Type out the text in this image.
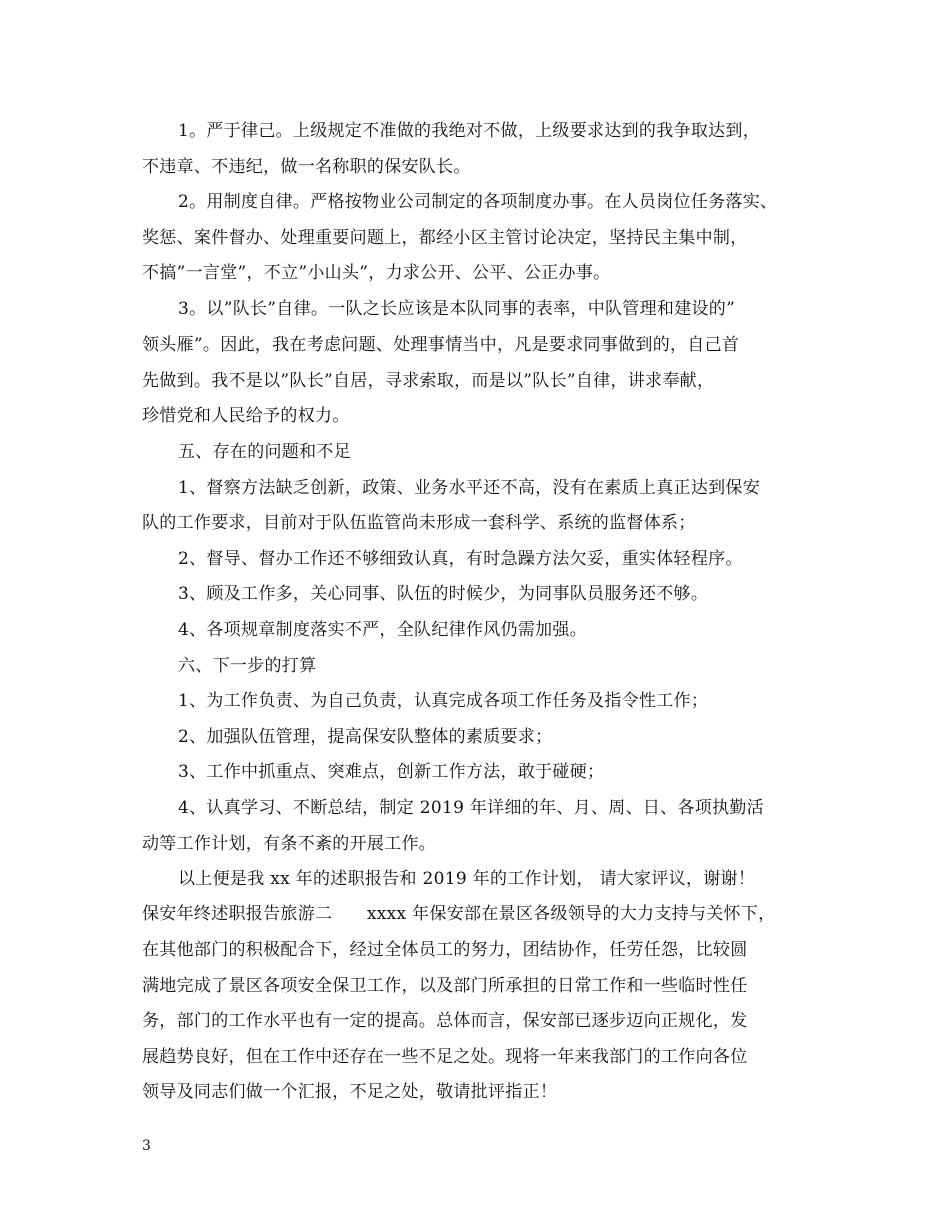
1。严于律己。上级规定不准做的我绝对不做，上级要求达到的我争取达到，
不违章、不违纪，做一名称职的保安队长。
2。用制度自律。严格按物业公司制定的各项制度办事。在人员岗位任务落实、
奖惩、案件督办、处理重要问题上，都经小区主管讨论决定，坚持民主集中制，
不搞”一言堂”，不立”小山头”，力求公开、公平、公正办事。
3。以”队长”自律。一队之长应该是本队同事的表率，中队管理和建设的”
领头雁”。因此，我在考虑问题、处理事情当中，凡是要求同事做到的，自己首
先做到。我不是以”队长”自居，寻求索取，而是以”队长”自律，讲求奉献，
珍惜党和人民给予的权力。
五、存在的问题和不足
1、督察方法缺乏创新，政策、业务水平还不高，没有在素质上真正达到保安
队的工作要求，目前对于队伍监管尚未形成一套科学、系统的监督体系；
2、督导、督办工作还不够细致认真，有时急躁方法欠妥，重实体轻程序。
3、顾及工作多，关心同事、队伍的时候少，为同事队员服务还不够。
4、各项规章制度落实不严，全队纪律作风仍需加强。
六、下一步的打算
1、为工作负责、为自己负责，认真完成各项工作任务及指令性工作；
2、加强队伍管理，提高保安队整体的素质要求；
3、工作中抓重点、突难点，创新工作方法，敢于碰硬；
4、认真学习、不断总结，制定 2019 年详细的年、月、周、日、各项执勤活
动等工作计划，有条不紊的开展工作。
以上便是我 xx 年的述职报告和 2019 年的工作计划， 请大家评议，谢谢！
保安年终述职报告旅游二　　xxxx 年保安部在景区各级领导的大力支持与关怀下，
在其他部门的积极配合下，经过全体员工的努力，团结协作，任劳任怨，比较圆
满地完成了景区各项安全保卫工作，以及部门所承担的日常工作和一些临时性任
务，部门的工作水平也有一定的提高。总体而言，保安部已逐步迈向正规化，发
展趋势良好，但在工作中还存在一些不足之处。现将一年来我部门的工作向各位
领导及同志们做一个汇报，不足之处，敬请批评指正！
3
